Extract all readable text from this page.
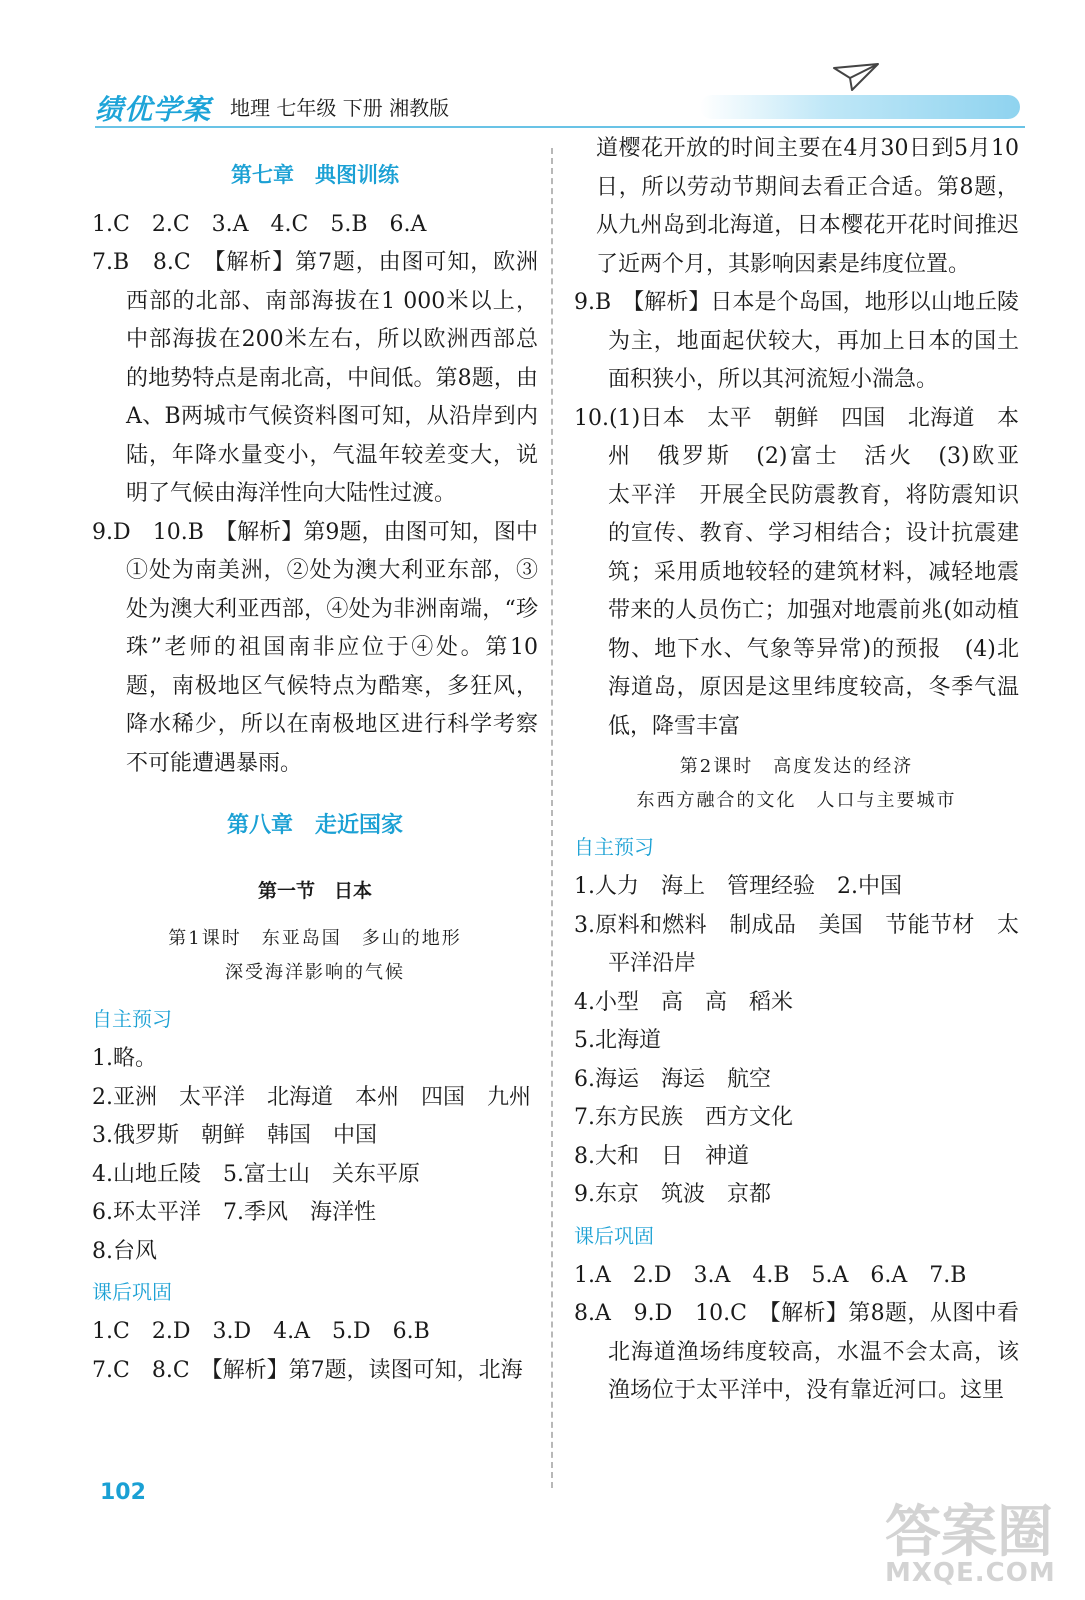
绩优学案 地理 七年级 下册 湘教版
第七章　典图训练

1.C　2.C　3.A　4.C　5.B　6.A

7.B　8.C　【解析】第7题，由图可知，欧洲西部的北部、南部海拔在1 000米以上，中部海拔在200米左右，所以欧洲西部总的地势特点是南北高，中间低。第8题，由A、B两城市气候资料图可知，从沿岸到内陆，年降水量变小，气温年较差变大，说明了气候由海洋性向大陆性过渡。

9.D　10.B　【解析】第9题，由图可知，图中①处为南美洲，②处为澳大利亚东部，③处为澳大利亚西部，④处为非洲南端，“珍珠”老师的祖国南非应位于④处。第10题，南极地区气候特点为酷寒，多狂风，降水稀少，所以在南极地区进行科学考察不可能遭遇暴雨。

第八章　走近国家
第一节　日本
第1课时　东亚岛国　多山的地形
深受海洋影响的气候
自主预习

1.略。

2.亚洲　太平洋　北海道　本州　四国　九州

3.俄罗斯　朝鲜　韩国　中国

4.山地丘陵　5.富士山　关东平原

6.环太平洋　7.季风　海洋性

8.台风

课后巩固

1.C　2.D　3.D　4.A　5.D　6.B

7.C　8.C　【解析】第7题，读图可知，北海

道樱花开放的时间主要在4月30日到5月10日，所以劳动节期间去看正合适。第8题，从九州岛到北海道，日本樱花开花时间推迟了近两个月，其影响因素是纬度位置。

9.B　【解析】日本是个岛国，地形以山地丘陵为主，地面起伏较大，再加上日本的国土面积狭小，所以其河流短小湍急。

10.(1)日本　太平　朝鲜　四国　北海道　本州　俄罗斯　(2)富士　活火　(3)欧亚　太平洋　开展全民防震教育，将防震知识的宣传、教育、学习相结合；设计抗震建筑；采用质地较轻的建筑材料，减轻地震带来的人员伤亡；加强对地震前兆(如动植物、地下水、气象等异常)的预报　(4)北海道岛，原因是这里纬度较高，冬季气温低，降雪丰富

第2课时　高度发达的经济
东西方融合的文化　人口与主要城市
自主预习

1.人力　海上　管理经验　2.中国

3.原料和燃料　制成品　美国　节能节材　太平洋沿岸

4.小型　高　高　稻米

5.北海道

6.海运　海运　航空

7.东方民族　西方文化

8.大和　日　神道

9.东京　筑波　京都

课后巩固

1.A　2.D　3.A　4.B　5.A　6.A　7.B

8.A　9.D　10.C　【解析】第8题，从图中看北海道渔场纬度较高，水温不会太高，该渔场位于太平洋中，没有靠近河口。这里

102
答案圈
MXQE.COM
